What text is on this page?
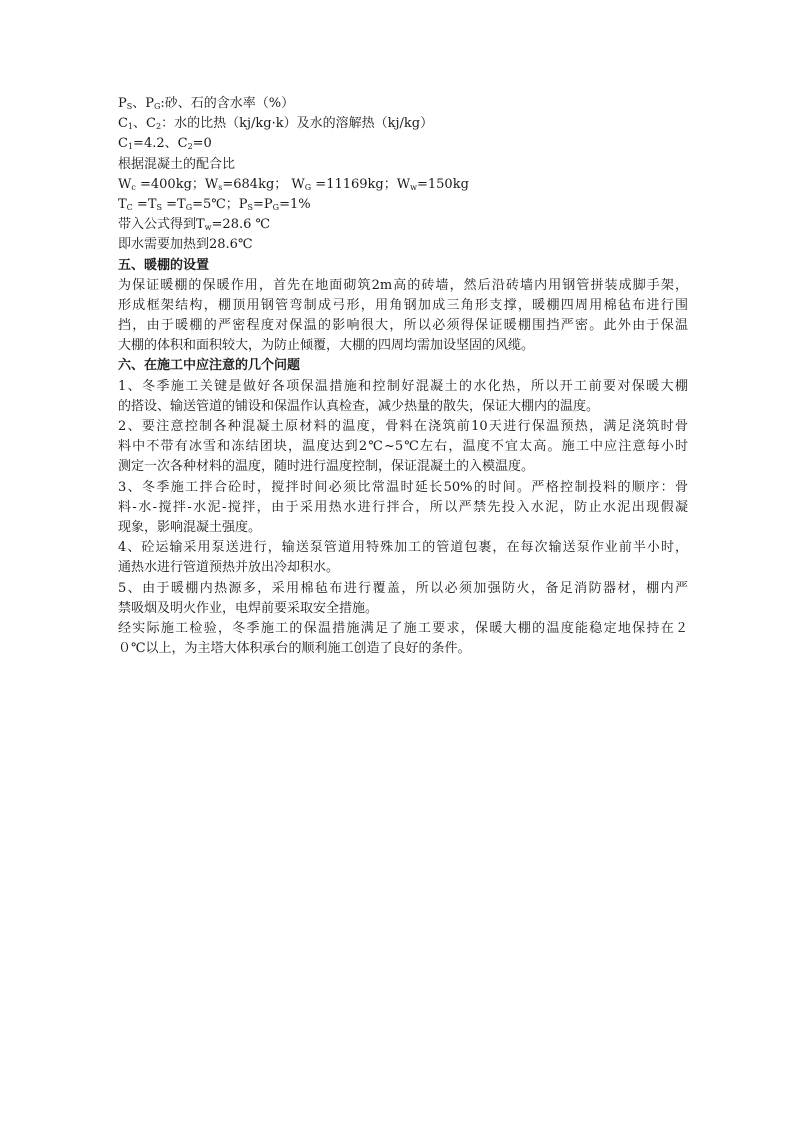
$P_S$、$P_G$:砂、石的含水率（%）
$C_1$、$C_2$：水的比热（kj/kg·k）及水的溶解热（kj/kg）
$C_1=4.2$、$C_2=0$
根据混凝土的配合比
$W_c =400kg$；$W_s=684kg$； $W_G =11169kg$；$W_w=150kg$
$T_C =T_S$ $=T_G=5℃$；$P_S=P_G=1\%$
带入公式得到$T_w=28.6$ ℃
即水需要加热到28.6℃
五、暖棚的设置
为保证暖棚的保暖作用，首先在地面砌筑2m高的砖墙，然后沿砖墙内用钢管拼装成脚手架，
形成框架结构，棚顶用钢管弯制成弓形，用角钢加成三角形支撑，暖棚四周用棉毡布进行围
挡，由于暖棚的严密程度对保温的影响很大，所以必须得保证暖棚围挡严密。此外由于保温
大棚的体积和面积较大，为防止倾覆，大棚的四周均需加设坚固的风缆。
六、在施工中应注意的几个问题
1、冬季施工关键是做好各项保温措施和控制好混凝土的水化热，所以开工前要对保暖大棚
的搭设、输送管道的铺设和保温作认真检查，减少热量的散失，保证大棚内的温度。
2、要注意控制各种混凝土原材料的温度，骨料在浇筑前10天进行保温预热，满足浇筑时骨
料中不带有冰雪和冻结团块，温度达到2℃~5℃左右，温度不宜太高。施工中应注意每小时
测定一次各种材料的温度，随时进行温度控制，保证混凝土的入模温度。
3、冬季施工拌合砼时，搅拌时间必须比常温时延长50%的时间。严格控制投料的顺序：骨
料-水-搅拌-水泥-搅拌，由于采用热水进行拌合，所以严禁先投入水泥，防止水泥出现假凝
现象，影响混凝土强度。
4、砼运输采用泵送进行，输送泵管道用特殊加工的管道包裹，在每次输送泵作业前半小时，
通热水进行管道预热并放出冷却积水。
5、由于暖棚内热源多，采用棉毡布进行覆盖，所以必须加强防火，备足消防器材，棚内严
禁吸烟及明火作业，电焊前要采取安全措施。
经实际施工检验，冬季施工的保温措施满足了施工要求，保暖大棚的温度能稳定地保持在２
０℃以上，为主塔大体积承台的顺利施工创造了良好的条件。
